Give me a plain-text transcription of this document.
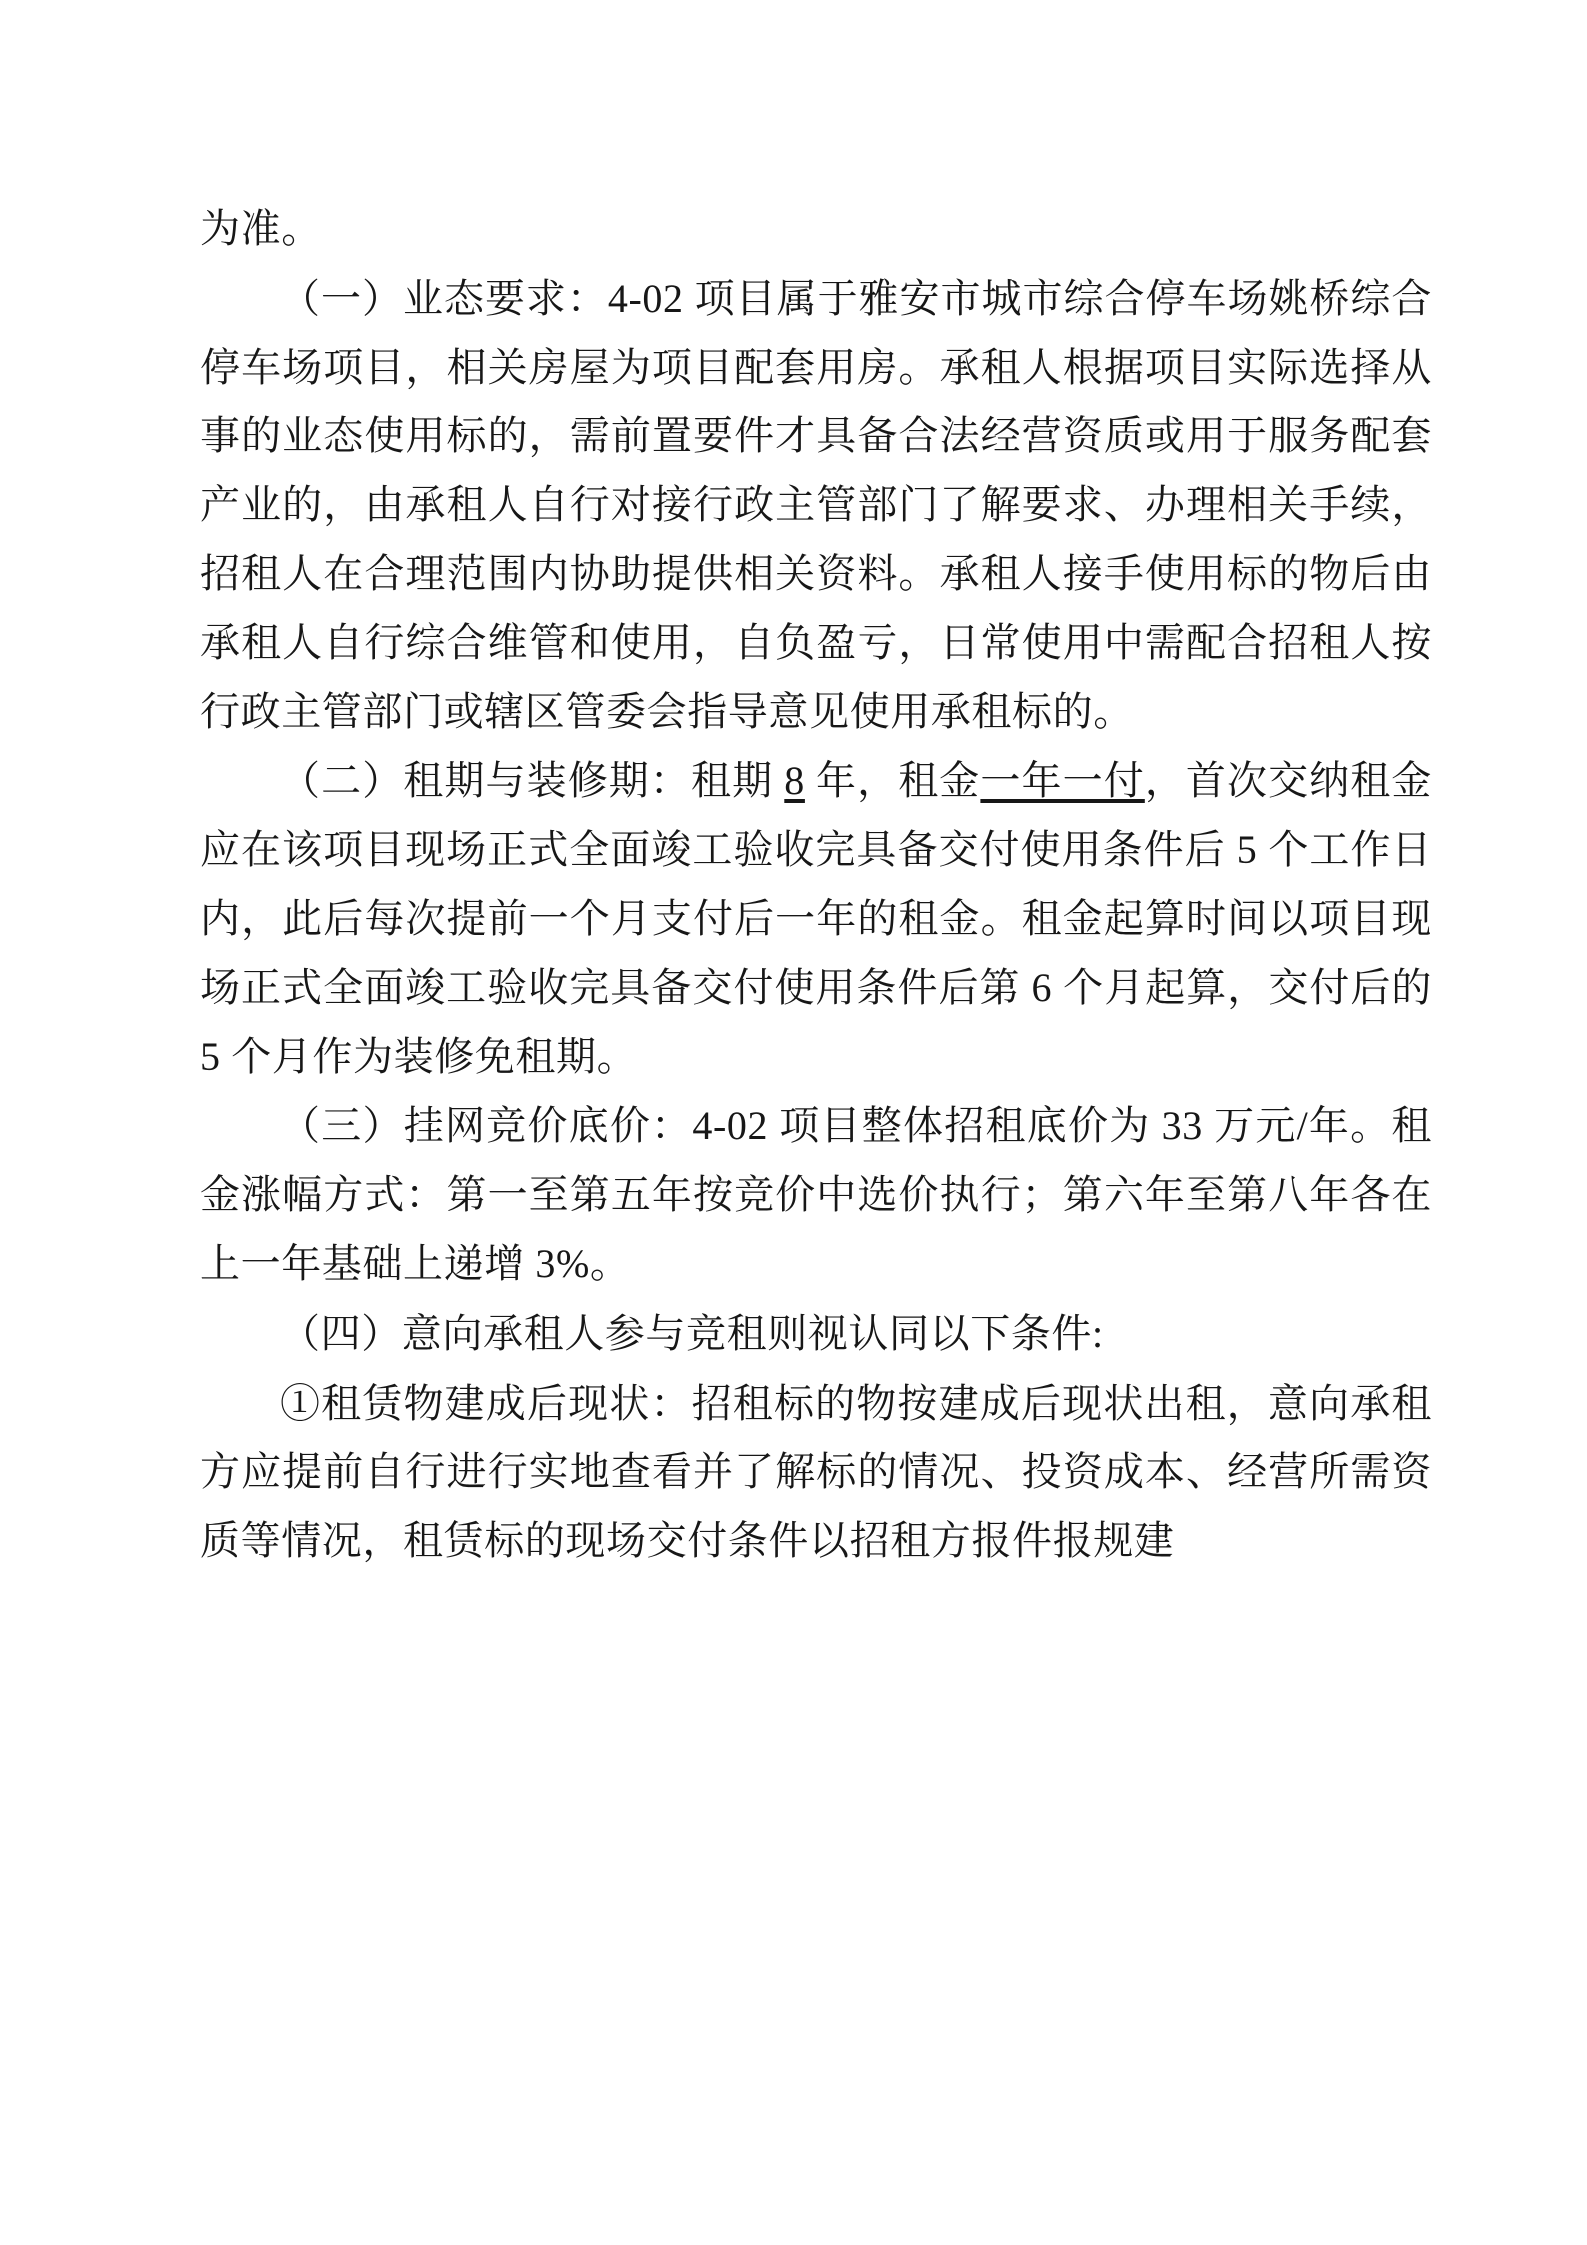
为准。

（一）业态要求：4-02 项目属于雅安市城市综合停车场姚桥综合停车场项目，相关房屋为项目配套用房。承租人根据项目实际选择从事的业态使用标的，需前置要件才具备合法经营资质或用于服务配套产业的，由承租人自行对接行政主管部门了解要求、办理相关手续，招租人在合理范围内协助提供相关资料。承租人接手使用标的物后由承租人自行综合维管和使用，自负盈亏，日常使用中需配合招租人按行政主管部门或辖区管委会指导意见使用承租标的。

（二）租期与装修期：租期 8 年，租金一年一付，首次交纳租金应在该项目现场正式全面竣工验收完具备交付使用条件后 5 个工作日内，此后每次提前一个月支付后一年的租金。租金起算时间以项目现场正式全面竣工验收完具备交付使用条件后第 6 个月起算，交付后的 5 个月作为装修免租期。

（三）挂网竞价底价：4-02 项目整体招租底价为 33 万元/年。租金涨幅方式：第一至第五年按竞价中选价执行；第六年至第八年各在上一年基础上递增 3%。

（四）意向承租人参与竞租则视认同以下条件:

①租赁物建成后现状：招租标的物按建成后现状出租，意向承租方应提前自行进行实地查看并了解标的情况、投资成本、经营所需资质等情况，租赁标的现场交付条件以招租方报件报规建
